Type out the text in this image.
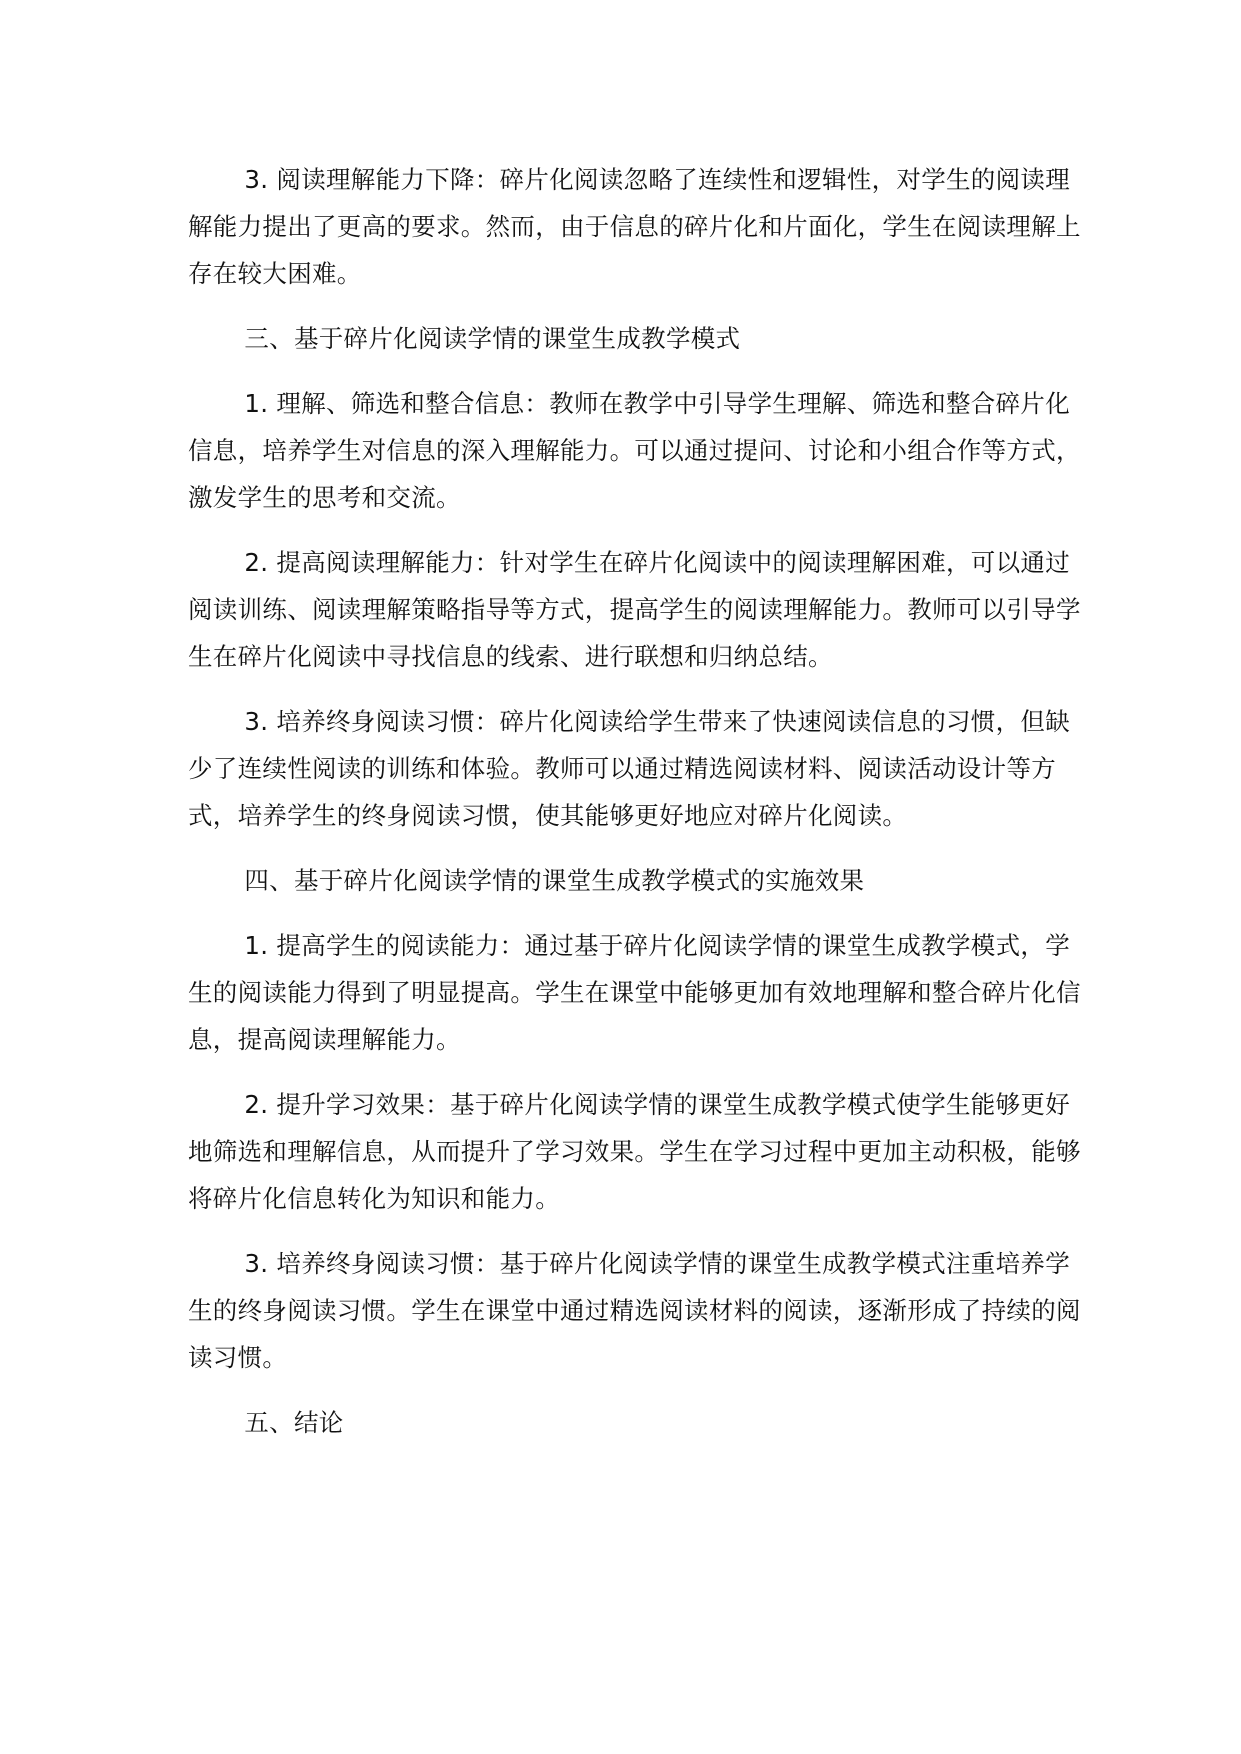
3. 阅读理解能力下降：碎片化阅读忽略了连续性和逻辑性，对学生的阅读理解能力提出了更高的要求。然而，由于信息的碎片化和片面化，学生在阅读理解上存在较大困难。

三、基于碎片化阅读学情的课堂生成教学模式

1. 理解、筛选和整合信息：教师在教学中引导学生理解、筛选和整合碎片化信息，培养学生对信息的深入理解能力。可以通过提问、讨论和小组合作等方式，激发学生的思考和交流。

2. 提高阅读理解能力：针对学生在碎片化阅读中的阅读理解困难，可以通过阅读训练、阅读理解策略指导等方式，提高学生的阅读理解能力。教师可以引导学生在碎片化阅读中寻找信息的线索、进行联想和归纳总结。

3. 培养终身阅读习惯：碎片化阅读给学生带来了快速阅读信息的习惯，但缺少了连续性阅读的训练和体验。教师可以通过精选阅读材料、阅读活动设计等方式，培养学生的终身阅读习惯，使其能够更好地应对碎片化阅读。

四、基于碎片化阅读学情的课堂生成教学模式的实施效果

1. 提高学生的阅读能力：通过基于碎片化阅读学情的课堂生成教学模式，学生的阅读能力得到了明显提高。学生在课堂中能够更加有效地理解和整合碎片化信息，提高阅读理解能力。

2. 提升学习效果：基于碎片化阅读学情的课堂生成教学模式使学生能够更好地筛选和理解信息，从而提升了学习效果。学生在学习过程中更加主动积极，能够将碎片化信息转化为知识和能力。

3. 培养终身阅读习惯：基于碎片化阅读学情的课堂生成教学模式注重培养学生的终身阅读习惯。学生在课堂中通过精选阅读材料的阅读，逐渐形成了持续的阅读习惯。

五、结论
